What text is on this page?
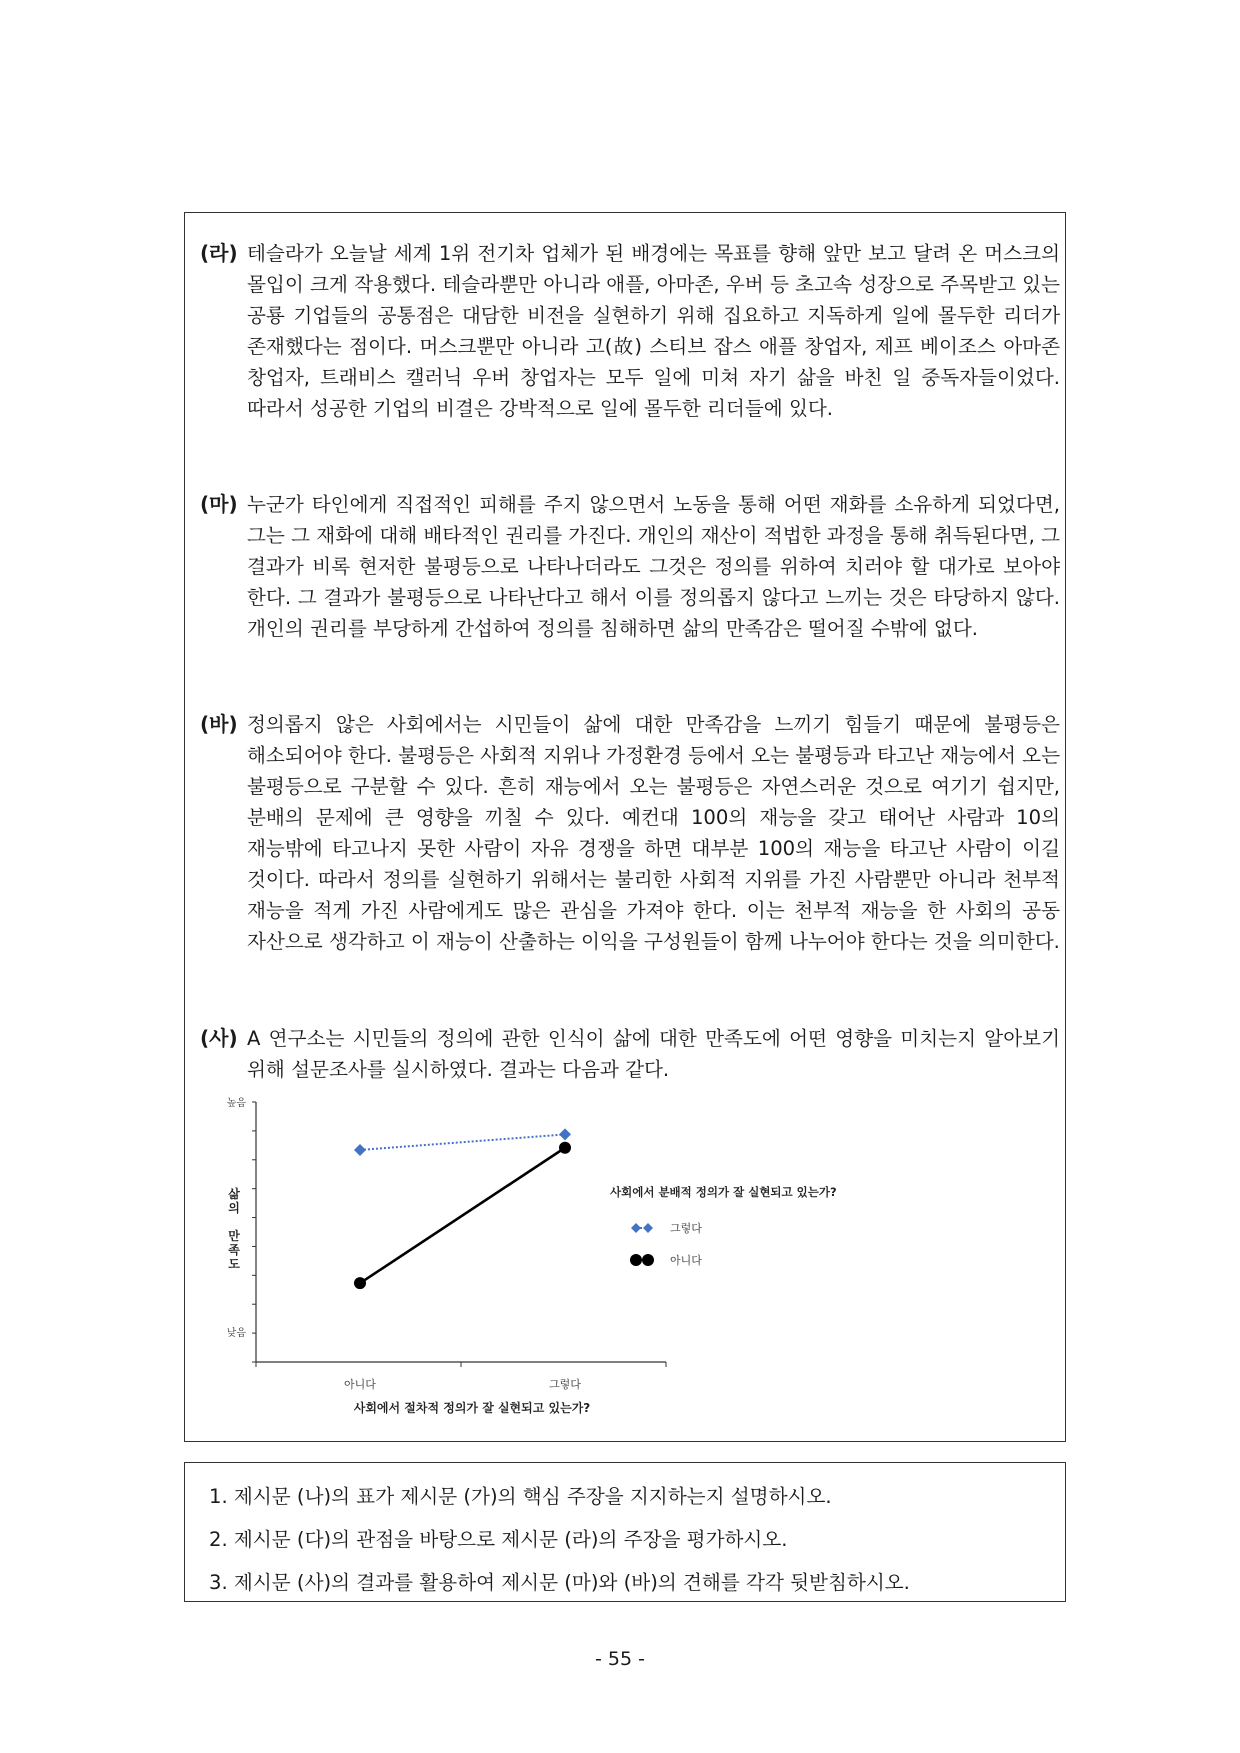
(라) 테슬라가 오늘날 세계 1위 전기차 업체가 된 배경에는 목표를 향해 앞만 보고 달려 온 머스크의 몰입이 크게 작용했다. 테슬라뿐만 아니라 애플, 아마존, 우버 등 초고속 성장으로 주목받고 있는 공룡 기업들의 공통점은 대담한 비전을 실현하기 위해 집요하고 지독하게 일에 몰두한 리더가 존재했다는 점이다. 머스크뿐만 아니라 고(故) 스티브 잡스 애플 창업자, 제프 베이조스 아마존 창업자, 트래비스 캘러닉 우버 창업자는 모두 일에 미쳐 자기 삶을 바친 일 중독자들이었다. 따라서 성공한 기업의 비결은 강박적으로 일에 몰두한 리더들에 있다.
(마) 누군가 타인에게 직접적인 피해를 주지 않으면서 노동을 통해 어떤 재화를 소유하게 되었다면, 그는 그 재화에 대해 배타적인 권리를 가진다. 개인의 재산이 적법한 과정을 통해 취득된다면, 그 결과가 비록 현저한 불평등으로 나타나더라도 그것은 정의를 위하여 치러야 할 대가로 보아야 한다. 그 결과가 불평등으로 나타난다고 해서 이를 정의롭지 않다고 느끼는 것은 타당하지 않다. 개인의 권리를 부당하게 간섭하여 정의를 침해하면 삶의 만족감은 떨어질 수밖에 없다.
(바) 정의롭지 않은 사회에서는 시민들이 삶에 대한 만족감을 느끼기 힘들기 때문에 불평등은 해소되어야 한다. 불평등은 사회적 지위나 가정환경 등에서 오는 불평등과 타고난 재능에서 오는 불평등으로 구분할 수 있다. 흔히 재능에서 오는 불평등은 자연스러운 것으로 여기기 쉽지만, 분배의 문제에 큰 영향을 끼칠 수 있다. 예컨대 100의 재능을 갖고 태어난 사람과 10의 재능밖에 타고나지 못한 사람이 자유 경쟁을 하면 대부분 100의 재능을 타고난 사람이 이길 것이다. 따라서 정의를 실현하기 위해서는 불리한 사회적 지위를 가진 사람뿐만 아니라 천부적 재능을 적게 가진 사람에게도 많은 관심을 가져야 한다. 이는 천부적 재능을 한 사회의 공동 자산으로 생각하고 이 재능이 산출하는 이익을 구성원들이 함께 나누어야 한다는 것을 의미한다.
(사) A 연구소는 시민들의 정의에 관한 인식이 삶에 대한 만족도에 어떤 영향을 미치는지 알아보기 위해 설문조사를 실시하였다. 결과는 다음과 같다.
높음
낮음
삶 의 만 족 도
아니다	그렇다
사회에서 절차적 정의가 잘 실현되고 있는가?
사회에서 분배적 정의가 잘 실현되고 있는가?
그렇다
아니다
1. 제시문 (나)의 표가 제시문 (가)의 핵심 주장을 지지하는지 설명하시오.
2. 제시문 (다)의 관점을 바탕으로 제시문 (라)의 주장을 평가하시오.
3. 제시문 (사)의 결과를 활용하여 제시문 (마)와 (바)의 견해를 각각 뒷받침하시오.
- 55 -
